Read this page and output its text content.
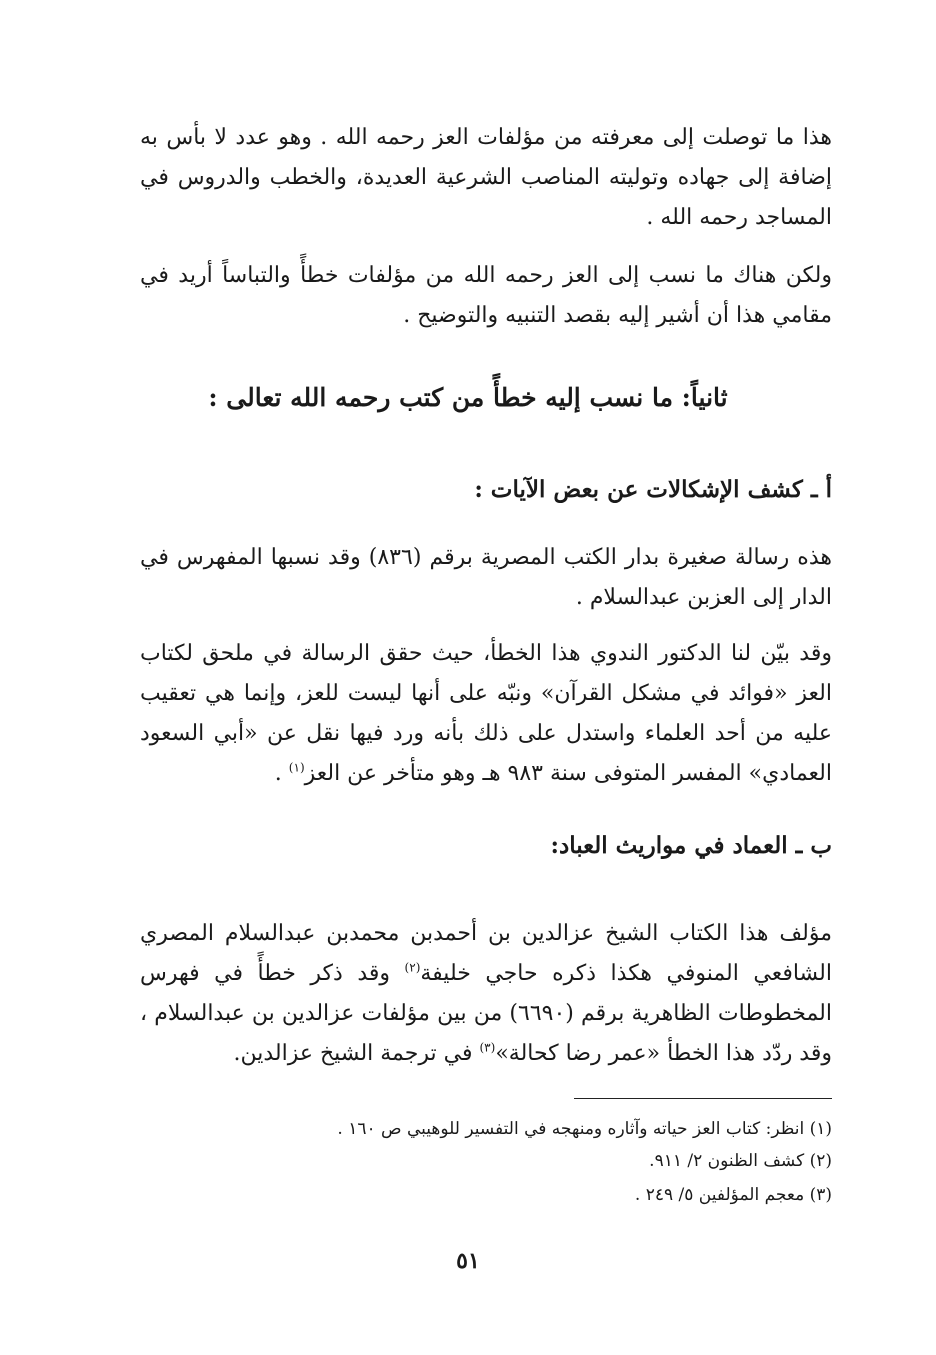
هذا ما توصلت إلى معرفته من مؤلفات العز رحمه الله . وهو عدد لا بأس به إضافة إلى جهاده وتوليته المناصب الشرعية العديدة، والخطب والدروس في المساجد رحمه الله .

ولكن هناك ما نسب إلى العز رحمه الله من مؤلفات خطأً والتباساً أريد في مقامي هذا أن أشير إليه بقصد التنبيه والتوضيح .

ثانياً: ما نسب إليه خطأً من كتب رحمه الله تعالى :
أ ـ كشف الإشكالات عن بعض الآيات :

هذه رسالة صغيرة بدار الكتب المصرية برقم (٨٣٦) وقد نسبها المفهرس في الدار إلى العزبن عبدالسلام .

وقد بيّن لنا الدكتور الندوي هذا الخطأ، حيث حقق الرسالة في ملحق لكتاب العز «فوائد في مشكل القرآن» ونبّه على أنها ليست للعز، وإنما هي تعقيب عليه من أحد العلماء واستدل على ذلك بأنه ورد فيها نقل عن «أبي السعود العمادي» المفسر المتوفى سنة ٩٨٣ هـ وهو متأخر عن العز$^{(١)}$ .

ب ـ العماد في مواريث العباد:

مؤلف هذا الكتاب الشيخ عزالدين بن أحمدبن محمدبن عبدالسلام المصري الشافعي المنوفي هكذا ذكره حاجي خليفة$^{(٢)}$ وقد ذكر خطأً في فهرس المخطوطات الظاهرية برقم (٦٦٩٠) من بين مؤلفات عزالدين بن عبدالسلام ، وقد ردّد هذا الخطأ «عمر رضا كحالة»$^{(٣)}$ في ترجمة الشيخ عزالدين.

(١) انظر: كتاب العز حياته وآثاره ومنهجه في التفسير للوهيبي ص ١٦٠ .

(٢) كشف الظنون ٢/ ٩١١.

(٣) معجم المؤلفين ٥/ ٢٤٩ .

٥١
